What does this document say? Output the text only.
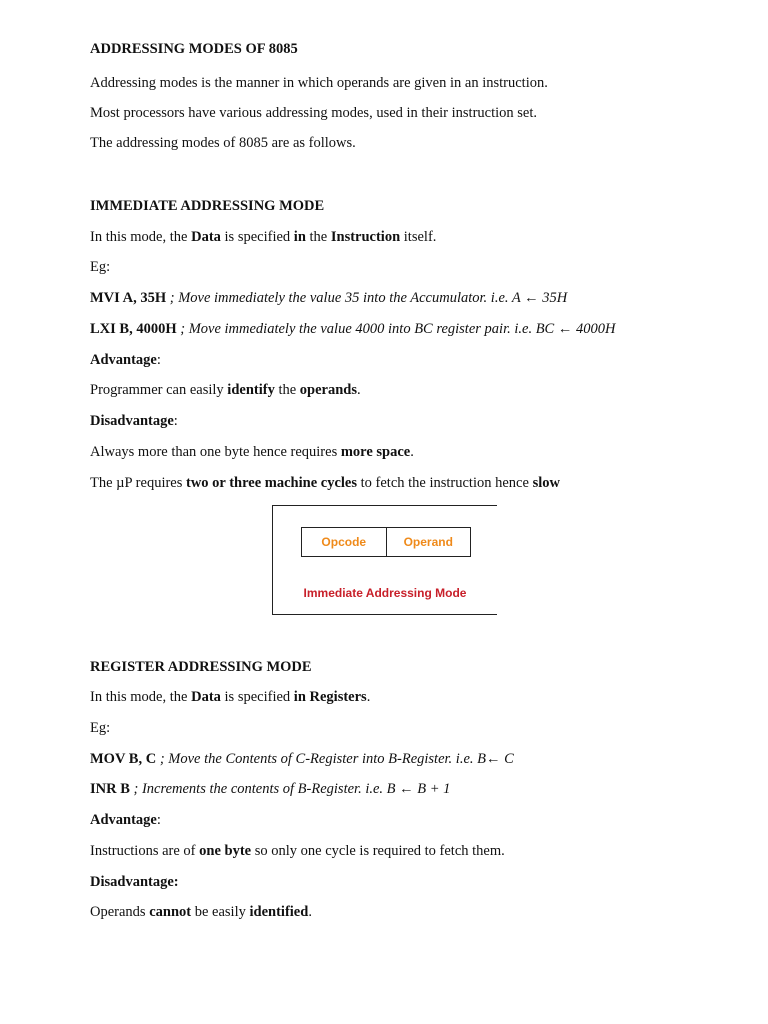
ADDRESSING MODES OF 8085
Addressing modes is the manner in which operands are given in an instruction.
Most processors have various addressing modes, used in their instruction set.
The addressing modes of 8085 are as follows.
IMMEDIATE ADDRESSING MODE
In this mode, the Data is specified in the Instruction itself.
Eg:
MVI A, 35H ; Move immediately the value 35 into the Accumulator. i.e. A ← 35H
LXI B, 4000H ; Move immediately the value 4000 into BC register pair. i.e. BC ← 4000H
Advantage:
Programmer can easily identify the operands.
Disadvantage:
Always more than one byte hence requires more space.
The µP requires two or three machine cycles to fetch the instruction hence slow
Opcode	Operand
Immediate Addressing Mode
REGISTER ADDRESSING MODE
In this mode, the Data is specified in Registers.
Eg:
MOV B, C ; Move the Contents of C-Register into B-Register. i.e. B← C
INR B ; Increments the contents of B-Register. i.e. B ← B + 1
Advantage:
Instructions are of one byte so only one cycle is required to fetch them.
Disadvantage:
Operands cannot be easily identified.
